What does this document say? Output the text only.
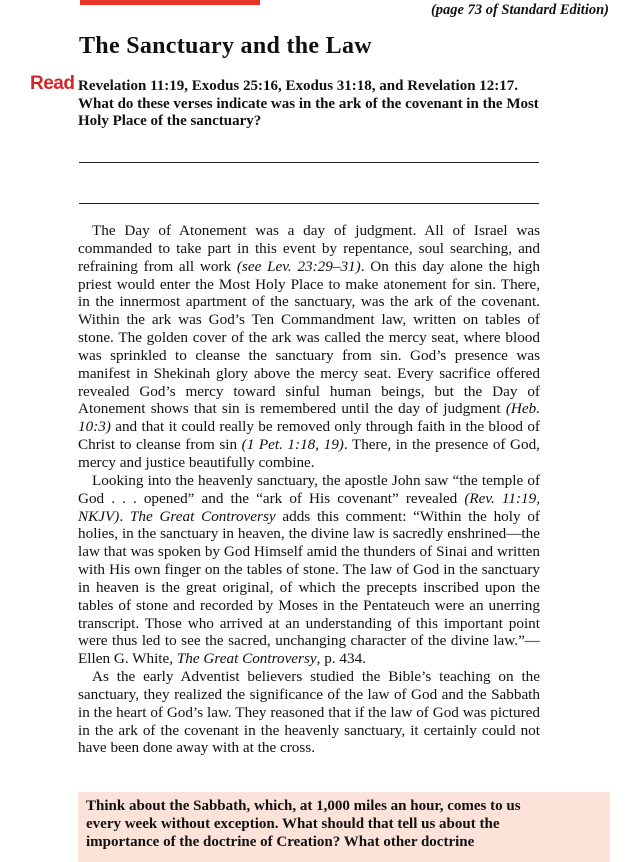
(page 73 of Standard Edition)
The Sanctuary and the Law
Read Revelation 11:19, Exodus 25:16, Exodus 31:18, and Revelation 12:17. What do these verses indicate was in the ark of the covenant in the Most Holy Place of the sanctuary?

The Day of Atonement was a day of judgment. All of Israel was commanded to take part in this event by repentance, soul searching, and refraining from all work (see Lev. 23:29–31). On this day alone the high priest would enter the Most Holy Place to make atonement for sin. There, in the innermost apartment of the sanctuary, was the ark of the covenant. Within the ark was God’s Ten Commandment law, written on tables of stone. The golden cover of the ark was called the mercy seat, where blood was sprinkled to cleanse the sanctuary from sin. God’s presence was manifest in Shekinah glory above the mercy seat. Every sacrifice offered revealed God’s mercy toward sinful human beings, but the Day of Atonement shows that sin is remembered until the day of judgment (Heb. 10:3) and that it could really be removed only through faith in the blood of Christ to cleanse from sin (1 Pet. 1:18, 19). There, in the presence of God, mercy and justice beautifully combine.

Looking into the heavenly sanctuary, the apostle John saw “the temple of God . . . opened” and the “ark of His covenant” revealed (Rev. 11:19, NKJV). The Great Controversy adds this comment: “Within the holy of holies, in the sanctuary in heaven, the divine law is sacredly enshrined—the law that was spoken by God Himself amid the thunders of Sinai and written with His own finger on the tables of stone. The law of God in the sanctuary in heaven is the great original, of which the precepts inscribed upon the tables of stone and recorded by Moses in the Pentateuch were an unerring transcript. Those who arrived at an understanding of this important point were thus led to see the sacred, unchanging character of the divine law.”—Ellen G. White, The Great Controversy, p. 434.

As the early Adventist believers studied the Bible’s teaching on the sanctuary, they realized the significance of the law of God and the Sabbath in the heart of God’s law. They reasoned that if the law of God was pictured in the ark of the covenant in the heavenly sanctuary, it certainly could not have been done away with at the cross.

Think about the Sabbath, which, at 1,000 miles an hour, comes to us every week without exception. What should that tell us about the importance of the doctrine of Creation? What other doctrine
